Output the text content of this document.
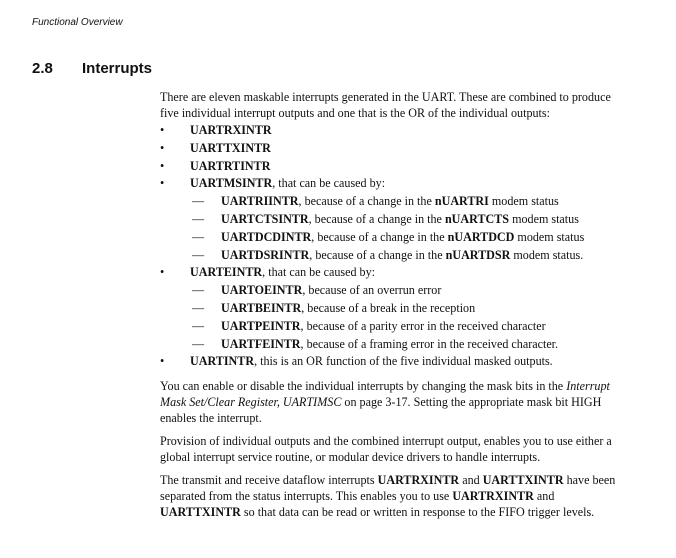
Functional Overview
2.8 Interrupts

There are eleven maskable interrupts generated in the UART. These are combined to produce five individual interrupt outputs and one that is the OR of the individual outputs:

• UARTRXINTR
• UARTTXINTR
• UARTRTINTR
• UARTMSINTR, that can be caused by:
— UARTRIINTR, because of a change in the nUARTRI modem status
— UARTCTSINTR, because of a change in the nUARTCTS modem status
— UARTDCDINTR, because of a change in the nUARTDCD modem status
— UARTDSRINTR, because of a change in the nUARTDSR modem status.
• UARTEINTR, that can be caused by:
— UARTOEINTR, because of an overrun error
— UARTBEINTR, because of a break in the reception
— UARTPEINTR, because of a parity error in the received character
— UARTFEINTR, because of a framing error in the received character.
• UARTINTR, this is an OR function of the five individual masked outputs.

You can enable or disable the individual interrupts by changing the mask bits in the Interrupt Mask Set/Clear Register, UARTIMSC on page 3-17. Setting the appropriate mask bit HIGH enables the interrupt.

Provision of individual outputs and the combined interrupt output, enables you to use either a global interrupt service routine, or modular device drivers to handle interrupts.

The transmit and receive dataflow interrupts UARTRXINTR and UARTTXINTR have been separated from the status interrupts. This enables you to use UARTRXINTR and UARTTXINTR so that data can be read or written in response to the FIFO trigger levels.
